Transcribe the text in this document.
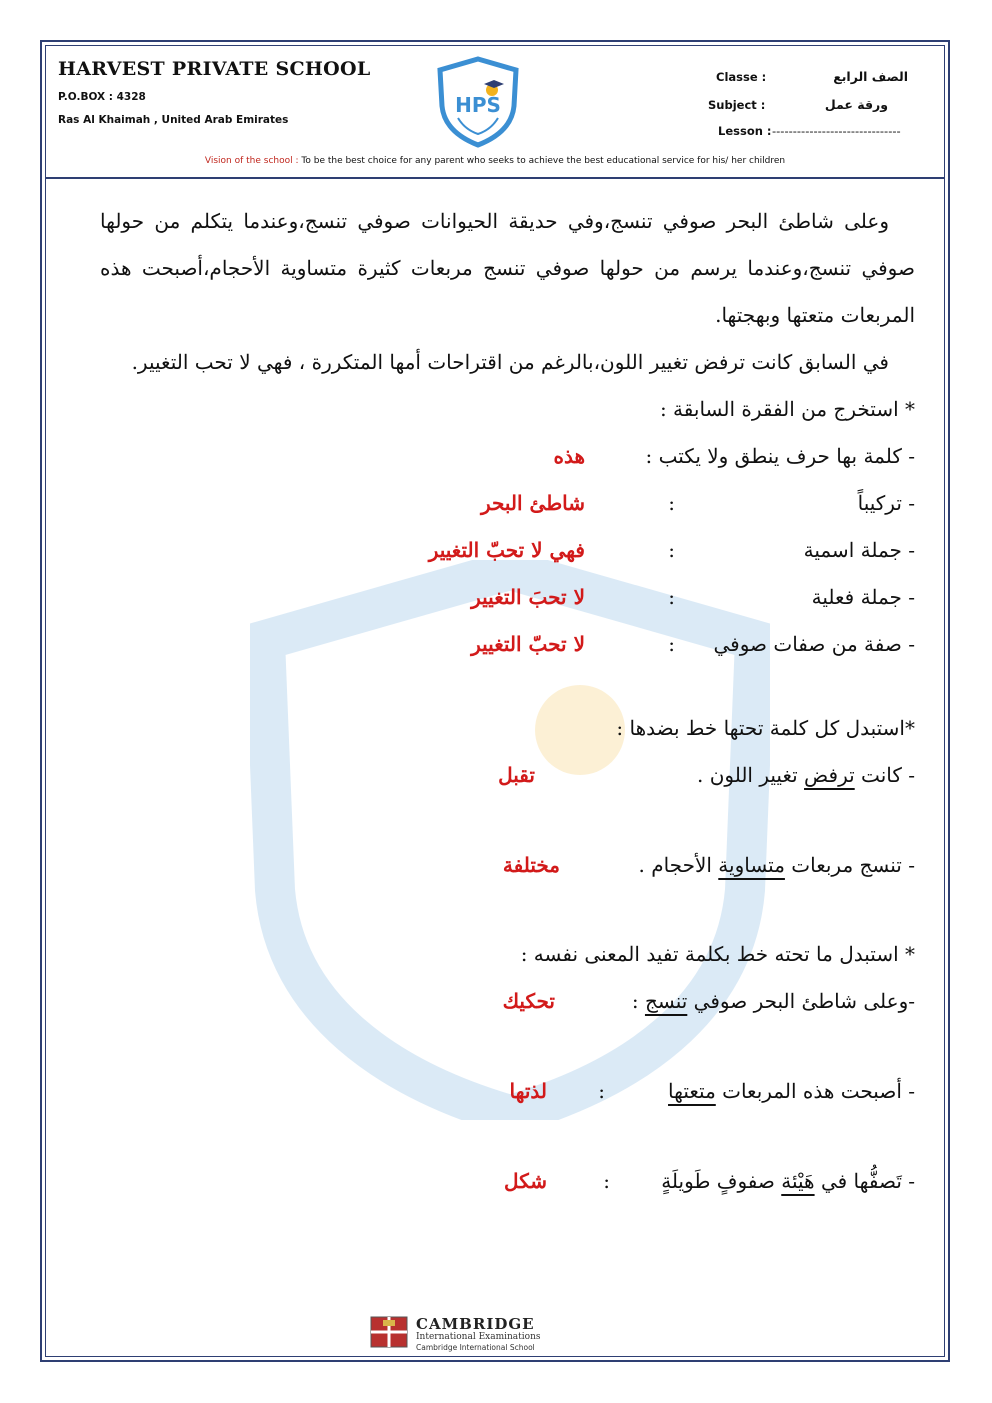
HARVEST PRIVATE SCHOOL
P.O.BOX : 4328
Ras Al Khaimah , United Arab Emirates
HPS
Classe :	الصف الرابع
Subject :	ورقة عمل
Lesson : -------------------------------
Vision of the school : To be the best choice for any parent who seeks to achieve the best educational service for his/ her children

وعلى شاطئ البحر صوفي تنسج،وفي حديقة الحيوانات صوفي تنسج،وعندما يتكلم من حولها صوفي تنسج،وعندما يرسم من حولها صوفي تنسج مربعات كثيرة متساوية الأحجام،أصبحت هذه المربعات متعتها وبهجتها.

في السابق كانت ترفض تغيير اللون،بالرغم من اقتراحات أمها المتكررة ، فهي لا تحب التغيير.

* استخرج من الفقرة السابقة :
- كلمة بها حرف ينطق ولا يكتب :
هذه
- تركيباً
:
شاطئ البحر
- جملة اسمية
:
فهي لا تحبّ التغيير
- جملة فعلية
:
لا تحبَ التغيير
- صفة من صفات صوفي
:
لا تحبّ التغيير
*استبدل كل كلمة تحتها خط بضدها :
- كانت ترفض تغيير اللون .
تقبل
- تنسج مربعات متساوية الأحجام .
مختلفة
* استبدل ما تحته خط بكلمة تفيد المعنى نفسه :
-وعلى شاطئ البحر صوفي تنسج :
تحكيك
- أصبحت هذه المربعات متعتها
:
لذتها
- تَصفُّها في هَيْئة صفوفٍ طَويلَةٍ
:
شكل
CAMBRIDGE
International Examinations
Cambridge International School
